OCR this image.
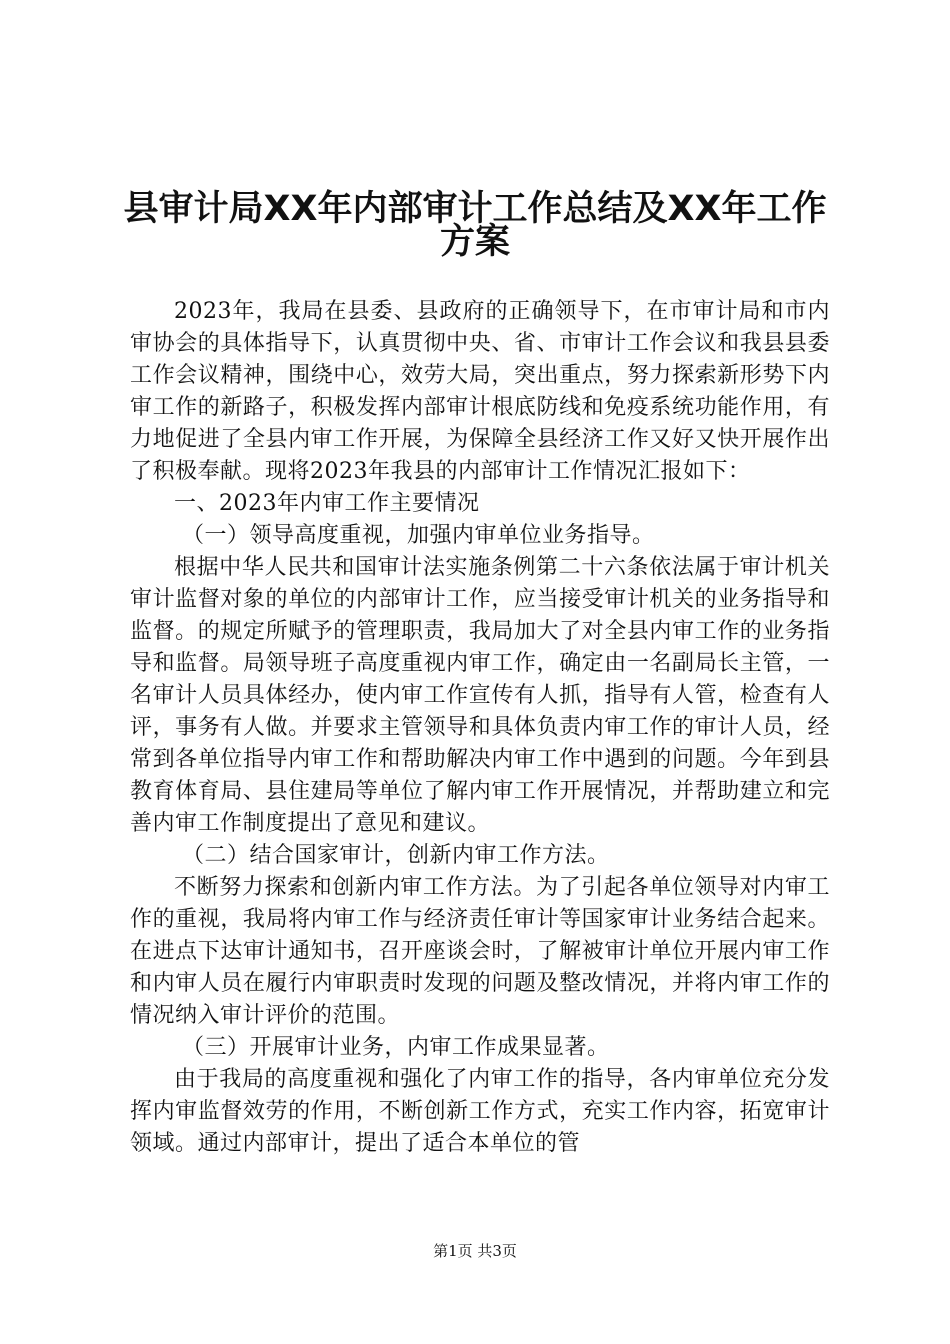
县审计局XX年内部审计工作总结及XX年工作
方案

2023年，我局在县委、县政府的正确领导下，在市审计局和市内审协会的具体指导下，认真贯彻中央、省、市审计工作会议和我县县委工作会议精神，围绕中心，效劳大局，突出重点，努力探索新形势下内审工作的新路子，积极发挥内部审计根底防线和免疫系统功能作用，有力地促进了全县内审工作开展，为保障全县经济工作又好又快开展作出了积极奉献。现将2023年我县的内部审计工作情况汇报如下：

一、2023年内审工作主要情况

（一）领导高度重视，加强内审单位业务指导。

根据中华人民共和国审计法实施条例第二十六条依法属于审计机关审计监督对象的单位的内部审计工作，应当接受审计机关的业务指导和监督。的规定所赋予的管理职责，我局加大了对全县内审工作的业务指导和监督。局领导班子高度重视内审工作，确定由一名副局长主管，一名审计人员具体经办，使内审工作宣传有人抓，指导有人管，检查有人评，事务有人做。并要求主管领导和具体负责内审工作的审计人员，经常到各单位指导内审工作和帮助解决内审工作中遇到的问题。今年到县教育体育局、县住建局等单位了解内审工作开展情况，并帮助建立和完善内审工作制度提出了意见和建议。

（二）结合国家审计，创新内审工作方法。

不断努力探索和创新内审工作方法。为了引起各单位领导对内审工作的重视，我局将内审工作与经济责任审计等国家审计业务结合起来。在进点下达审计通知书，召开座谈会时，了解被审计单位开展内审工作和内审人员在履行内审职责时发现的问题及整改情况，并将内审工作的情况纳入审计评价的范围。

（三）开展审计业务，内审工作成果显著。

由于我局的高度重视和强化了内审工作的指导，各内审单位充分发挥内审监督效劳的作用，不断创新工作方式，充实工作内容，拓宽审计领域。通过内部审计，提出了适合本单位的管

第1页 共3页
